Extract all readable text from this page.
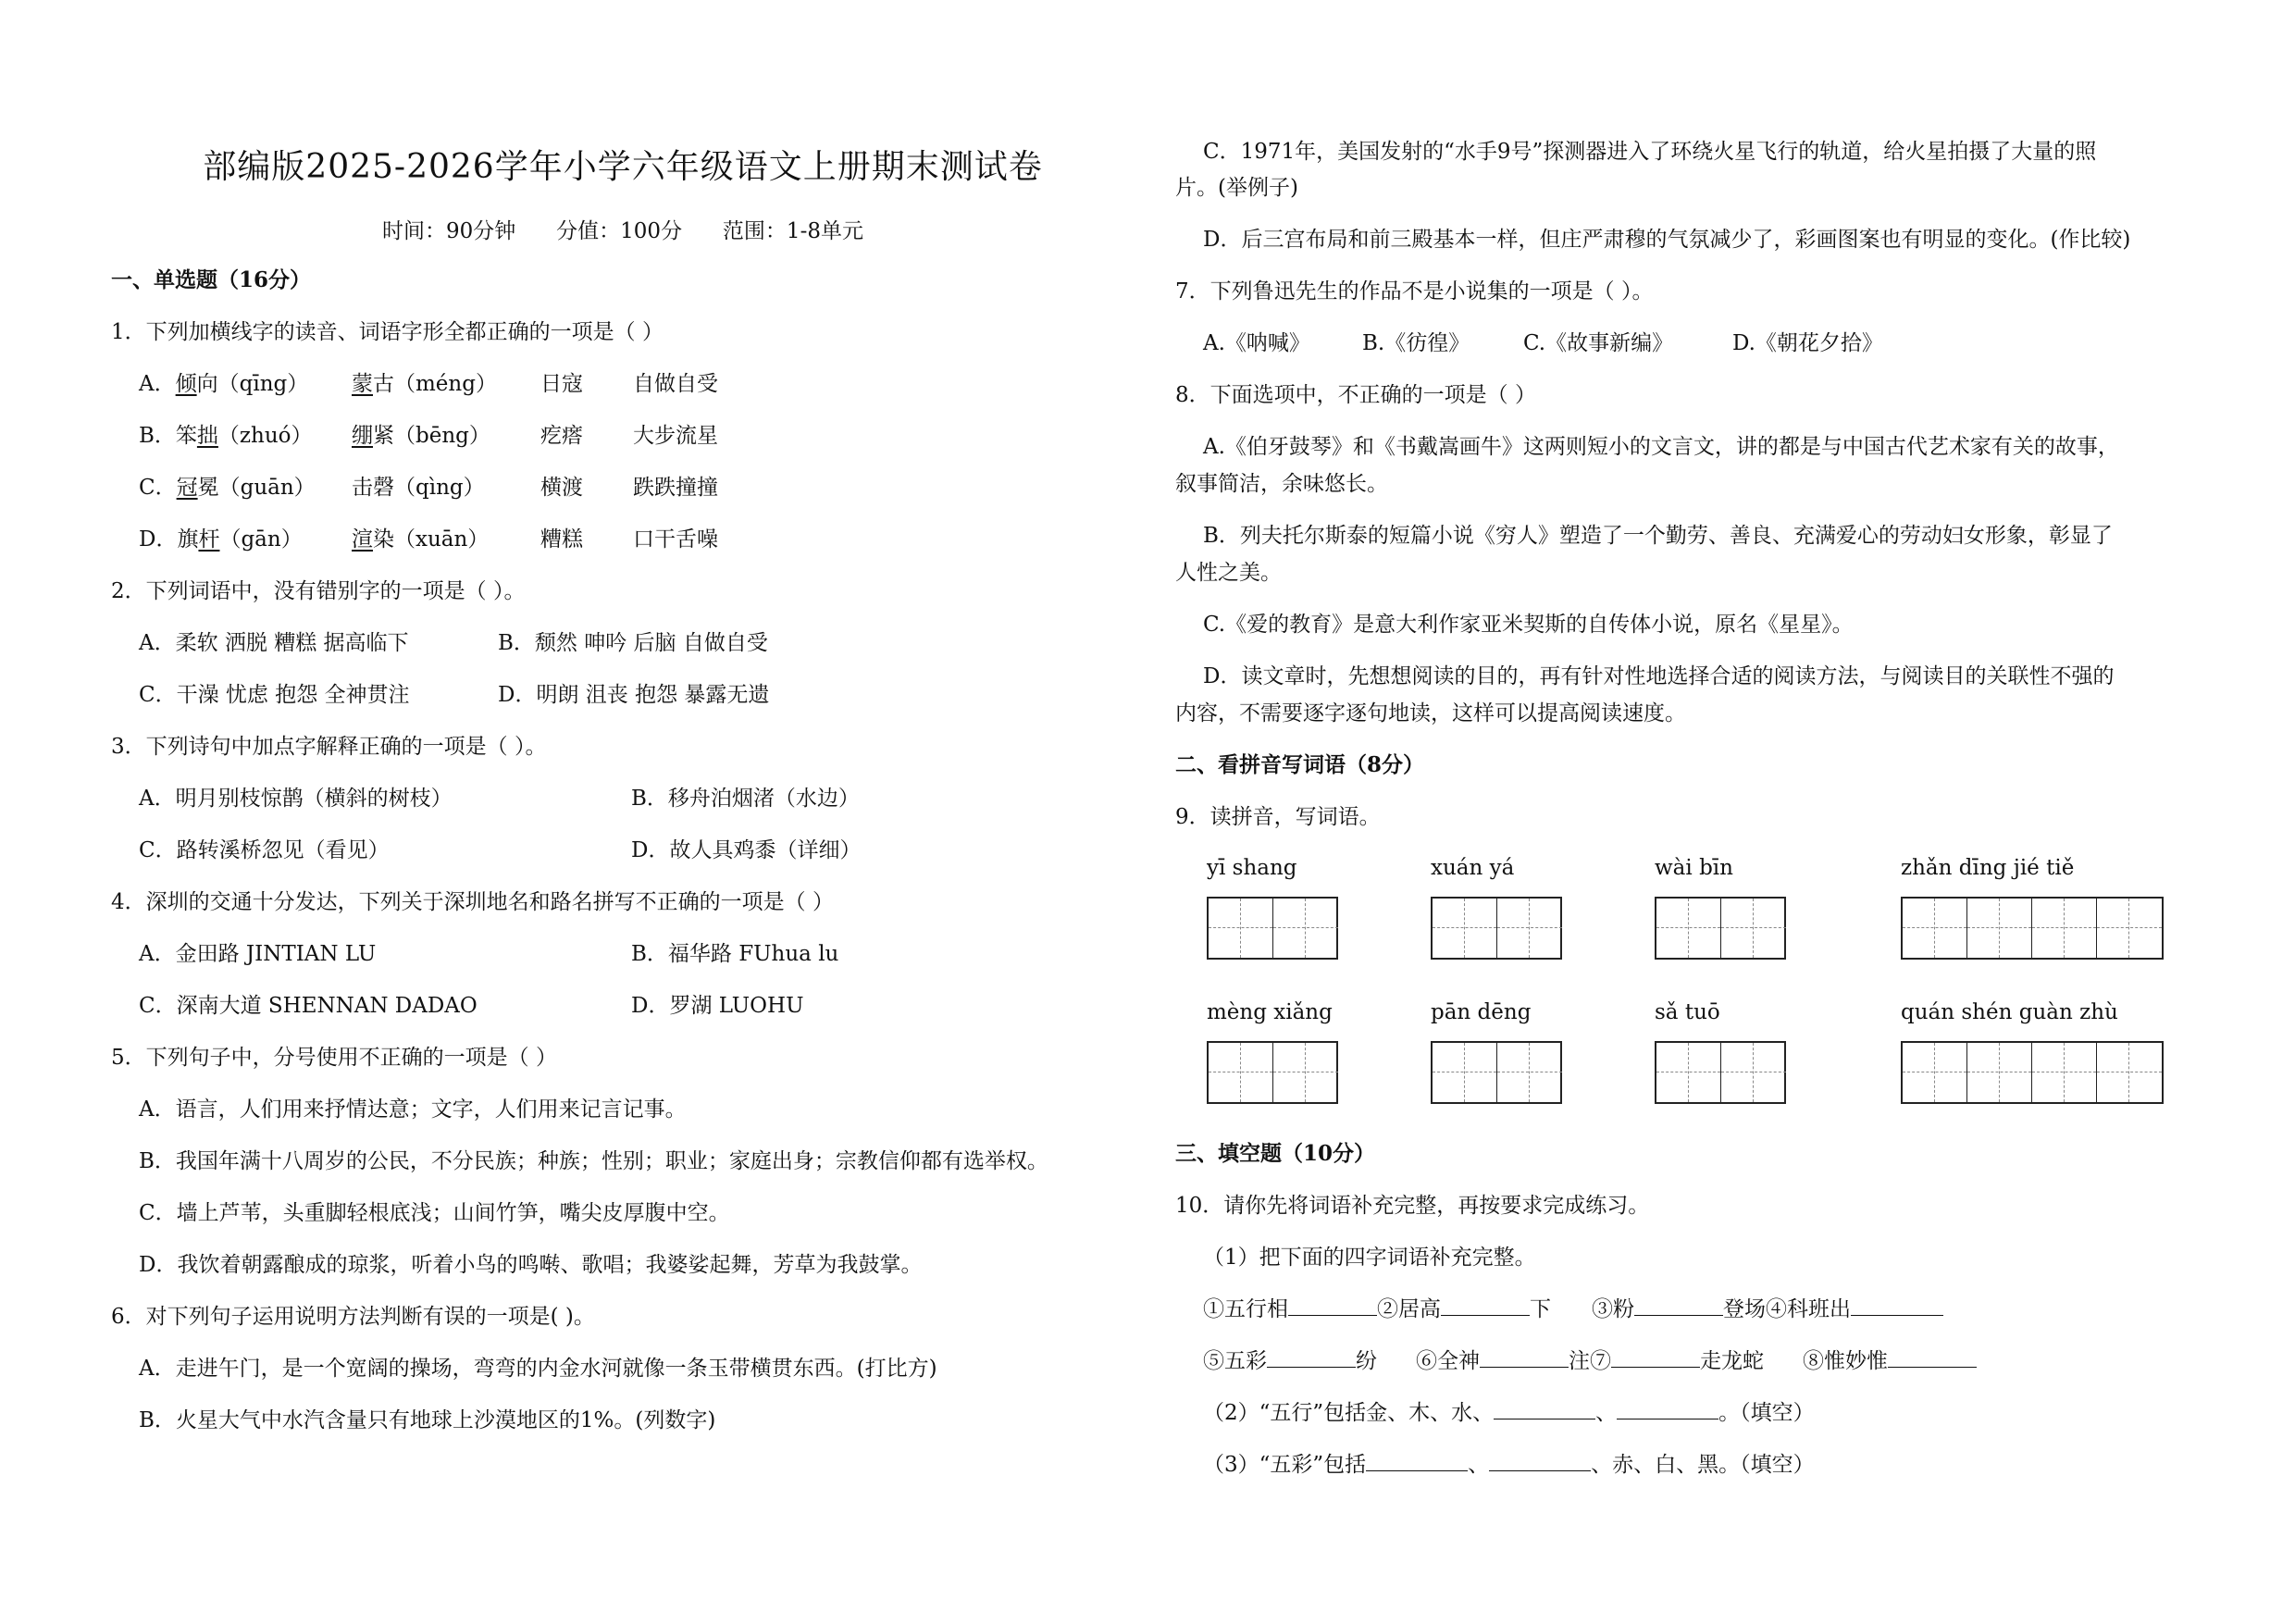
部编版2025-2026学年小学六年级语文上册期末测试卷
时间：90分钟      分值：100分      范围：1-8单元
一、单选题（16分）
1．下列加横线字的读音、词语字形全都正确的一项是（ ）
A．倾向（qīng） 蒙古（méng） 日寇 自做自受
B．笨拙（zhuó） 绷紧（bēng） 疙瘩 大步流星
C．冠冕（guān） 击磬（qìng）	横渡 跌跌撞撞
D．旗杆（gān） 渲染（xuān） 糟糕 口干舌噪
2．下列词语中，没有错别字的一项是（ ）。
A．柔软 洒脱 糟糕 据高临下	B．颓然 呻吟 后脑 自做自受
C．干澡 忧虑 抱怨 全神贯注	D．明朗 沮丧 抱怨 暴露无遗
3．下列诗句中加点字解释正确的一项是（ ）。
A．明月别枝惊鹊（横斜的树枝）	B．移舟泊烟渚（水边）
C．路转溪桥忽见（看见）	D．故人具鸡黍（详细）
4．深圳的交通十分发达，下列关于深圳地名和路名拼写不正确的一项是（ ）
A．金田路 JINTIAN LU	B．福华路 FUhua lu
C．深南大道 SHENNAN DADAO	D．罗湖 LUOHU
5．下列句子中，分号使用不正确的一项是（ ）
A．语言，人们用来抒情达意；文字，人们用来记言记事。
B．我国年满十八周岁的公民，不分民族；种族；性别；职业；家庭出身；宗教信仰都有选举权。
C．墙上芦苇，头重脚轻根底浅；山间竹笋，嘴尖皮厚腹中空。
D．我饮着朝露酿成的琼浆，听着小鸟的鸣啭、歌唱；我婆娑起舞，芳草为我鼓掌。
6．对下列句子运用说明方法判断有误的一项是( )。
A．走进午门，是一个宽阔的操场，弯弯的内金水河就像一条玉带横贯东西。(打比方)
B．火星大气中水汽含量只有地球上沙漠地区的1%。(列数字)
C．1971年，美国发射的“水手9号”探测器进入了环绕火星飞行的轨道，给火星拍摄了大量的照
片。(举例子)
D．后三宫布局和前三殿基本一样，但庄严肃穆的气氛减少了，彩画图案也有明显的变化。(作比较)
7．下列鲁迅先生的作品不是小说集的一项是（ ）。
A.《呐喊》 B.《彷徨》	C.《故事新编》	D.《朝花夕拾》
8．下面选项中，不正确的一项是（ ）
A.《伯牙鼓琴》和《书戴嵩画牛》这两则短小的文言文，讲的都是与中国古代艺术家有关的故事，
叙事简洁，余味悠长。
B．列夫托尔斯泰的短篇小说《穷人》塑造了一个勤劳、善良、充满爱心的劳动妇女形象，彰显了
人性之美。
C.《爱的教育》是意大利作家亚米契斯的自传体小说，原名《星星》。
D．读文章时，先想想阅读的目的，再有针对性地选择合适的阅读方法，与阅读目的关联性不强的
内容，不需要逐字逐句地读，这样可以提高阅读速度。
二、看拼音写词语（8分）
9．读拼音，写词语。
yī shang	xuán yá	wài bīn	zhǎn dīng jié tiě
mèng xiǎng	pān dēng	sǎ tuō	quán shén guàn zhù
三、填空题（10分）
10．请你先将词语补充完整，再按要求完成练习。
（1）把下面的四字词语补充完整。
①五行相	②居高	下 ③粉	登场④科班出
⑤五彩	纷 ⑥全神	注⑦	走龙蛇 ⑧惟妙惟
（2）“五行”包括金、木、水、	、	。（填空）
（3）“五彩”包括	、	、赤、白、黑。（填空）
